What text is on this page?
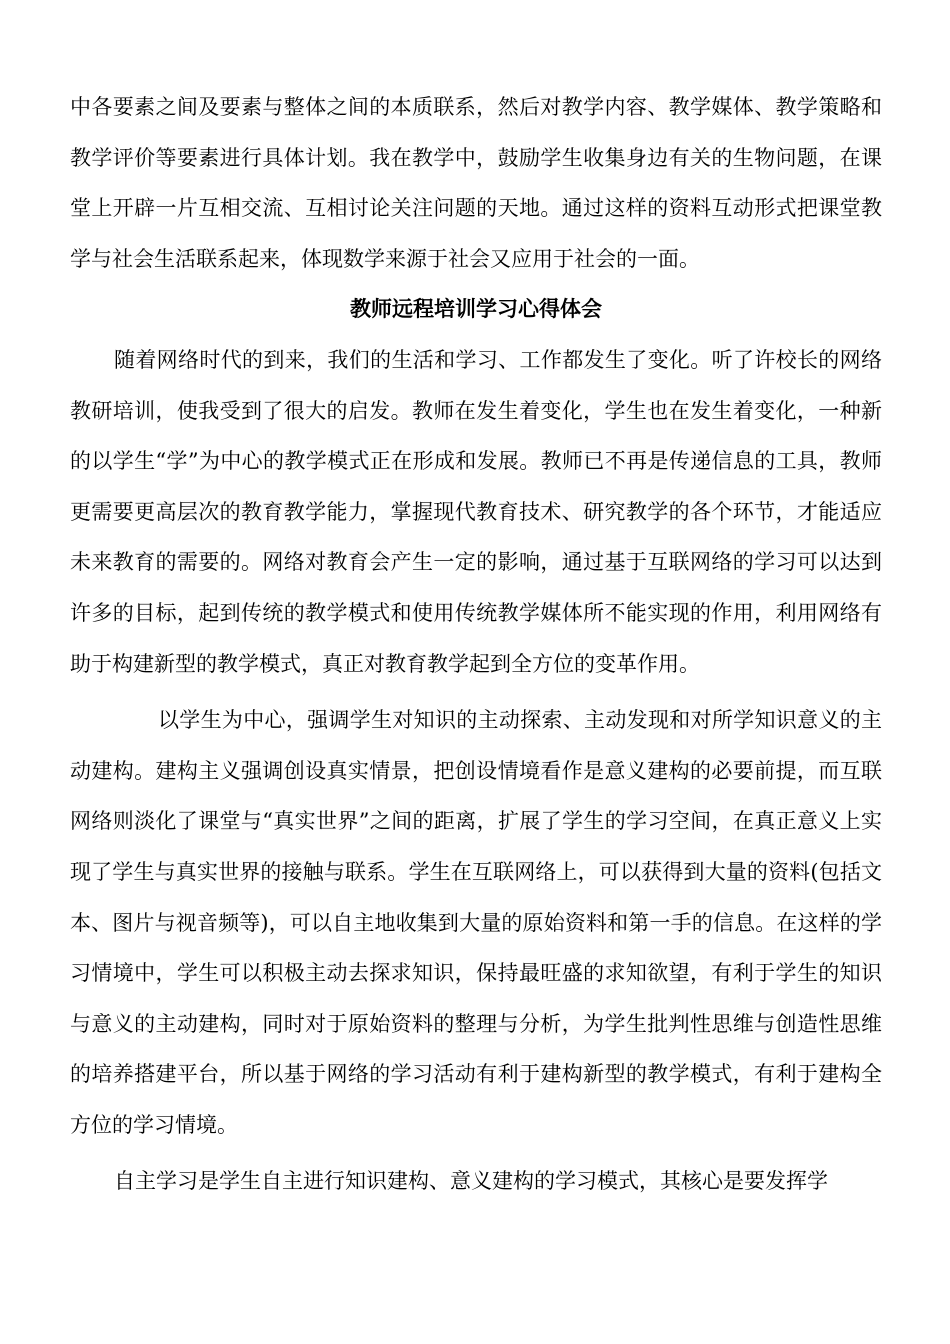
中各要素之间及要素与整体之间的本质联系，然后对教学内容、教学媒体、教学策略和教学评价等要素进行具体计划。我在教学中，鼓励学生收集身边有关的生物问题，在课堂上开辟一片互相交流、互相讨论关注问题的天地。通过这样的资料互动形式把课堂教学与社会生活联系起来，体现数学来源于社会又应用于社会的一面。

教师远程培训学习心得体会

随着网络时代的到来，我们的生活和学习、工作都发生了变化。听了许校长的网络教研培训，使我受到了很大的启发。教师在发生着变化，学生也在发生着变化，一种新的以学生“学”为中心的教学模式正在形成和发展。教师已不再是传递信息的工具，教师更需要更高层次的教育教学能力，掌握现代教育技术、研究教学的各个环节，才能适应未来教育的需要的。网络对教育会产生一定的影响，通过基于互联网络的学习可以达到许多的目标，起到传统的教学模式和使用传统教学媒体所不能实现的作用，利用网络有助于构建新型的教学模式，真正对教育教学起到全方位的变革作用。

以学生为中心，强调学生对知识的主动探索、主动发现和对所学知识意义的主动建构。建构主义强调创设真实情景，把创设情境看作是意义建构的必要前提，而互联网络则淡化了课堂与“真实世界”之间的距离，扩展了学生的学习空间，在真正意义上实现了学生与真实世界的接触与联系。学生在互联网络上，可以获得到大量的资料(包括文本、图片与视音频等)，可以自主地收集到大量的原始资料和第一手的信息。在这样的学习情境中，学生可以积极主动去探求知识，保持最旺盛的求知欲望，有利于学生的知识与意义的主动建构，同时对于原始资料的整理与分析，为学生批判性思维与创造性思维的培养搭建平台，所以基于网络的学习活动有利于建构新型的教学模式，有利于建构全方位的学习情境。

自主学习是学生自主进行知识建构、意义建构的学习模式，其核心是要发挥学
